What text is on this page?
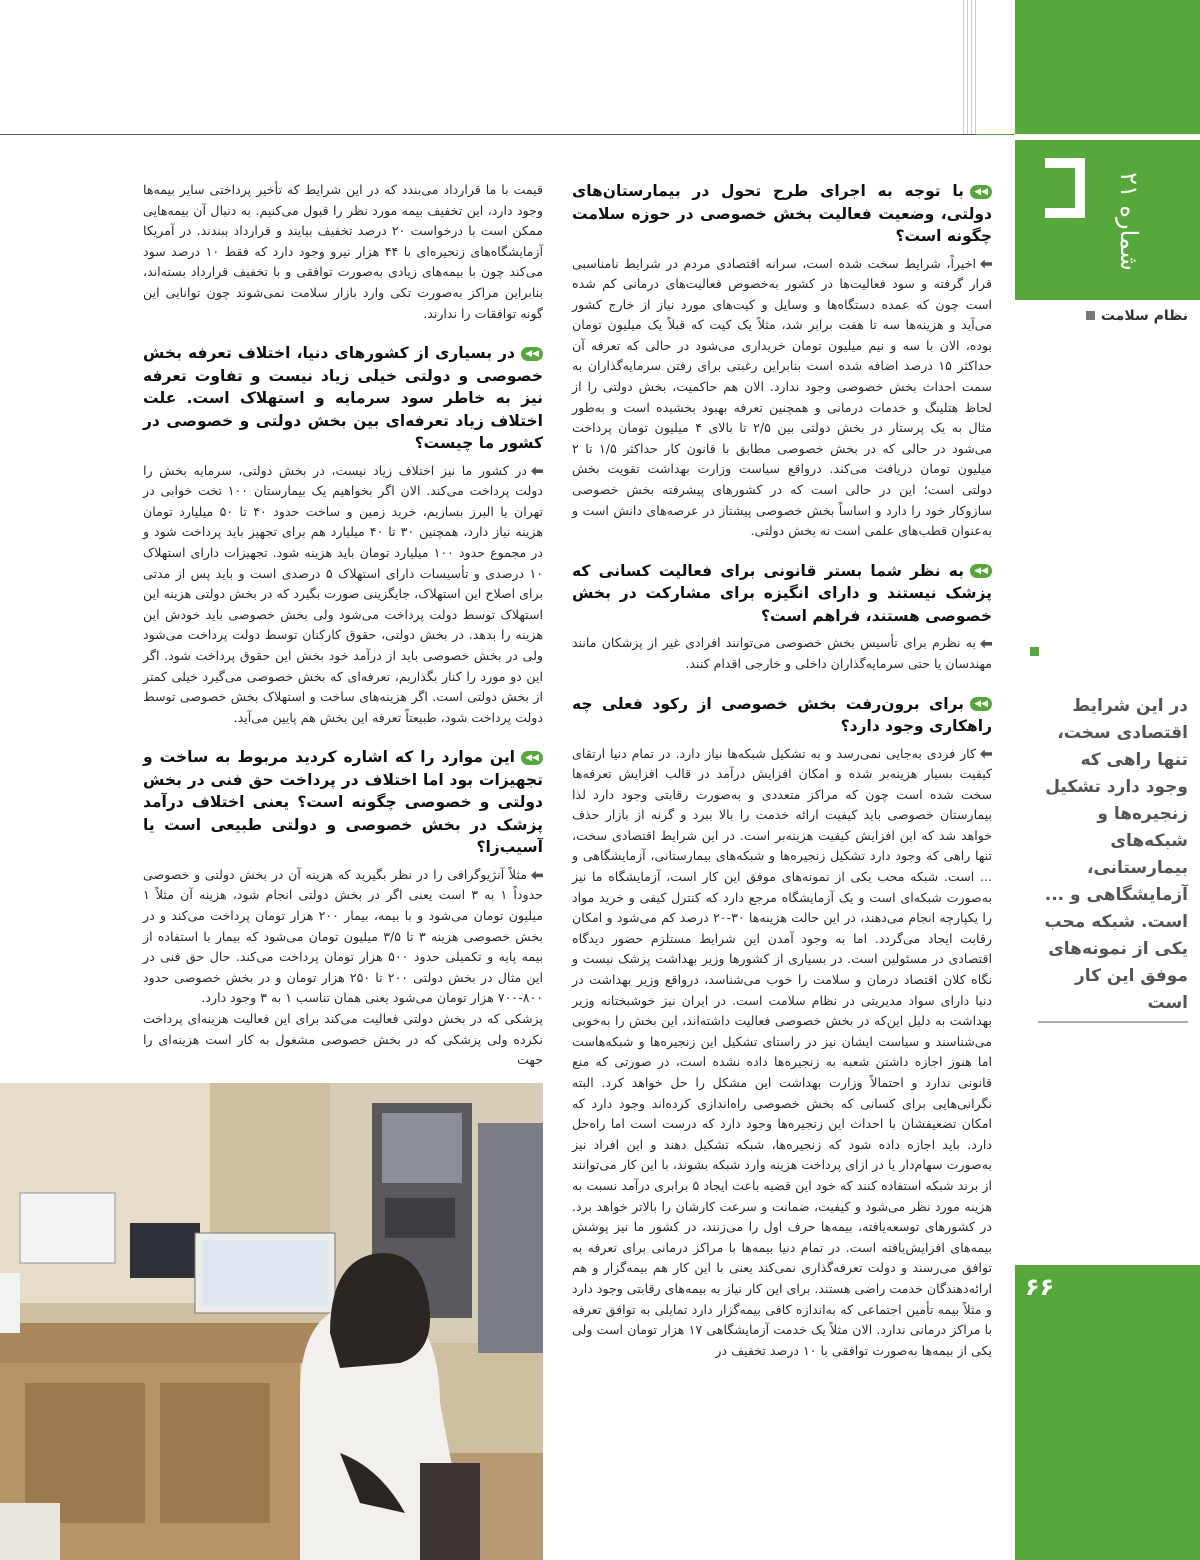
شماره ۲۱
نظام سلامت
در این شرایط اقتصادی سخت، تنها راهی که وجود دارد تشکیل زنجیره‌ها و شبکه‌های بیمارستانی، آزمایشگاهی و ... است. شبکه محب یکی از نمونه‌های موفق این کار است
۶۶

◀◀با توجه به اجرای طرح تحول در بیمارستان‌های دولتی، وضعیت فعالیت بخش خصوصی در حوزه سلامت چگونه است؟

اخیراً، شرایط سخت شده است، سرانه اقتصادی مردم در شرایط نامناسبی قرار گرفته و سود فعالیت‌ها در کشور به‌خصوص فعالیت‌های درمانی کم شده است چون که عمده دستگاه‌ها و وسایل و کیت‌های مورد نیاز از خارج کشور می‌آید و هزینه‌ها سه تا هفت برابر شد، مثلاً یک کیت که قبلاً یک میلیون تومان بوده، الان با سه و نیم میلیون تومان خریداری می‌شود در حالی که تعرفه آن حداکثر ۱۵ درصد اضافه شده است بنابراین رغبتی برای رفتن سرمایه‌گذاران به سمت احداث بخش خصوصی وجود ندارد. الان هم حاکمیت، بخش دولتی را از لحاظ هتلینگ و خدمات درمانی و همچنین تعرفه بهبود بخشیده است و به‌طور مثال به یک پرستار در بخش دولتی بین ۲/۵ تا بالای ۴ میلیون تومان پرداخت می‌شود در حالی که در بخش خصوصی مطابق با قانون کار حداکثر ۱/۵ تا ۲ میلیون تومان دریافت می‌کند. درواقع سیاست وزارت بهداشت تقویت بخش دولتی است؛ این در حالی است که در کشورهای پیشرفته بخش خصوصی سازوکار خود را دارد و اساساً بخش خصوصی پیشتاز در عرصه‌های دانش است و به‌عنوان قطب‌های علمی است نه بخش دولتی.

◀◀به نظر شما بستر قانونی برای فعالیت کسانی که پزشک نیستند و دارای انگیزه برای مشارکت در بخش خصوصی هستند، فراهم است؟

به نظرم برای تأسیس بخش خصوصی می‌توانند افرادی غیر از پزشکان مانند مهندسان یا حتی سرمایه‌گذاران داخلی و خارجی اقدام کنند.

◀◀برای برون‌رفت بخش خصوصی از رکود فعلی چه راهکاری وجود دارد؟

کار فردی به‌جایی نمی‌رسد و به تشکیل شبکه‌ها نیاز دارد. در تمام دنیا ارتقای کیفیت بسیار هزینه‌بر شده و امکان افزایش درآمد در قالب افزایش تعرفه‌ها سخت شده است چون که مراکز متعددی و به‌صورت رقابتی وجود دارد لذا بیمارستان خصوصی باید کیفیت ارائه خدمت را بالا ببرد و گرنه از بازار حذف خواهد شد که این افزایش کیفیت هزینه‌بر است. در این شرایط اقتصادی سخت، تنها راهی که وجود دارد تشکیل زنجیره‌ها و شبکه‌های بیمارستانی، آزمایشگاهی و ... است. شبکه محب یکی از نمونه‌های موفق این کار است، آزمایشگاه ما نیز به‌صورت شبکه‌ای است و یک آزمایشگاه مرجع دارد که کنترل کیفی و خرید مواد را یکپارچه انجام می‌دهند، در این حالت هزینه‌ها ۳۰-۲۰ درصد کم می‌شود و امکان رقابت ایجاد می‌گردد. اما به وجود آمدن این شرایط مستلزم حضور دیدگاه اقتصادی در مسئولین است. در بسیاری از کشورها وزیر بهداشت پزشک نیست و نگاه کلان اقتصاد درمان و سلامت را خوب می‌شناسد، درواقع وزیر بهداشت در دنیا دارای سواد مدیریتی در نظام سلامت است. در ایران نیز خوشبختانه وزیر بهداشت به دلیل این‌که در بخش خصوصی فعالیت داشته‌اند، این بخش را به‌خوبی می‌شناسند و سیاست ایشان نیز در راستای تشکیل این زنجیره‌ها و شبکه‌هاست اما هنوز اجازه داشتن شعبه به زنجیره‌ها داده نشده است، در صورتی که منع قانونی ندارد و احتمالاً وزارت بهداشت این مشکل را حل خواهد کرد. البته نگرانی‌هایی برای کسانی که بخش خصوصی راه‌اندازی کرده‌اند وجود دارد که امکان تضعیفشان با احداث این زنجیره‌ها وجود دارد که درست است اما راه‌حل دارد. باید اجازه داده شود که زنجیره‌ها، شبکه تشکیل دهند و این افراد نیز به‌صورت سهام‌دار یا در ازای پرداخت هزینه وارد شبکه بشوند، با این کار می‌توانند از برند شبکه استفاده کنند که خود این قضیه باعث ایجاد ۵ برابری درآمد نسبت به هزینه مورد نظر می‌شود و کیفیت، ضمانت و سرعت کارشان را بالاتر خواهد برد. در کشورهای توسعه‌یافته، بیمه‌ها حرف اول را می‌زنند، در کشور ما نیز پوشش بیمه‌های افزایش‌یافته است. در تمام دنیا بیمه‌ها با مراکز درمانی برای تعرفه به توافق می‌رسند و دولت تعرفه‌گذاری نمی‌کند یعنی با این کار هم بیمه‌گزار و هم ارائه‌دهندگان خدمت راضی هستند. برای این کار نیاز به بیمه‌های رقابتی وجود دارد و مثلاً بیمه تأمین اجتماعی که به‌اندازه کافی بیمه‌گزار دارد تمایلی به توافق تعرفه با مراکز درمانی ندارد. الان مثلاً یک خدمت آزمایشگاهی ۱۷ هزار تومان است ولی یکی از بیمه‌ها به‌صورت توافقی با ۱۰ درصد تخفیف در

قیمت با ما قرارداد می‌بندد که در این شرایط که تأخیر پرداختی سایر بیمه‌ها وجود دارد، این تخفیف بیمه مورد نظر را قبول می‌کنیم. به دنبال آن بیمه‌هایی ممکن است با درخواست ۲۰ درصد تخفیف بیایند و قرارداد ببندند. در آمریکا آزمایشگاه‌های زنجیره‌ای با ۴۴ هزار نیرو وجود دارد که فقط ۱۰ درصد سود می‌کند چون با بیمه‌های زیادی به‌صورت توافقی و با تخفیف قرارداد بسته‌اند، بنابراین مراکز به‌صورت تکی وارد بازار سلامت نمی‌شوند چون توانایی این گونه توافقات را ندارند.

◀◀در بسیاری از کشورهای دنیا، اختلاف تعرفه بخش خصوصی و دولتی خیلی زیاد نیست و تفاوت تعرفه نیز به خاطر سود سرمایه و استهلاک است. علت اختلاف زیاد تعرفه‌ای بین بخش دولتی و خصوصی در کشور ما چیست؟

در کشور ما نیز اختلاف زیاد نیست، در بخش دولتی، سرمایه بخش را دولت پرداخت می‌کند. الان اگر بخواهیم یک بیمارستان ۱۰۰ تخت خوابی در تهران یا البرز بسازیم، خرید زمین و ساخت حدود ۴۰ تا ۵۰ میلیارد تومان هزینه نیاز دارد، همچنین ۳۰ تا ۴۰ میلیارد هم برای تجهیز باید پرداخت شود و در مجموع حدود ۱۰۰ میلیارد تومان باید هزینه شود. تجهیزات دارای استهلاک ۱۰ درصدی و تأسیسات دارای استهلاک ۵ درصدی است و باید پس از مدتی برای اصلاح این استهلاک، جایگزینی صورت بگیرد که در بخش دولتی هزینه این استهلاک توسط دولت پرداخت می‌شود ولی بخش خصوصی باید خودش این هزینه را بدهد. در بخش دولتی، حقوق کارکنان توسط دولت پرداخت می‌شود ولی در بخش خصوصی باید از درآمد خود بخش این حقوق پرداخت شود. اگر این دو مورد را کنار بگذاریم، تعرفه‌ای که بخش خصوصی می‌گیرد خیلی کمتر از بخش دولتی است. اگر هزینه‌های ساخت و استهلاک بخش خصوصی توسط دولت پرداخت شود، طبیعتاً تعرفه این بخش هم پایین می‌آید.

◀◀این موارد را که اشاره کردید مربوط به ساخت و تجهیزات بود اما اختلاف در پرداخت حق فنی در بخش دولتی و خصوصی چگونه است؟ یعنی اختلاف درآمد پزشک در بخش خصوصی و دولتی طبیعی است یا آسیب‌زا؟

مثلاً آنژیوگرافی را در نظر بگیرید که هزینه آن در بخش دولتی و خصوصی حدوداً ۱ به ۳ است یعنی اگر در بخش دولتی انجام شود، هزینه آن مثلاً ۱ میلیون تومان می‌شود و با بیمه، بیمار ۲۰۰ هزار تومان پرداخت می‌کند و در بخش خصوصی هزینه ۳ تا ۳/۵ میلیون تومان می‌شود که بیمار با استفاده از بیمه پایه و تکمیلی حدود ۵۰۰ هزار تومان پرداخت می‌کند. حال حق فنی در این مثال در بخش دولتی ۲۰۰ تا ۲۵۰ هزار تومان و در بخش خصوصی حدود ۸۰۰-۷۰۰ هزار تومان می‌شود یعنی همان تناسب ۱ به ۳ وجود دارد.

پزشکی که در بخش دولتی فعالیت می‌کند برای این فعالیت هزینه‌ای پرداخت نکرده ولی پزشکی که در بخش خصوصی مشغول به کار است هزینه‌ای را جهت
